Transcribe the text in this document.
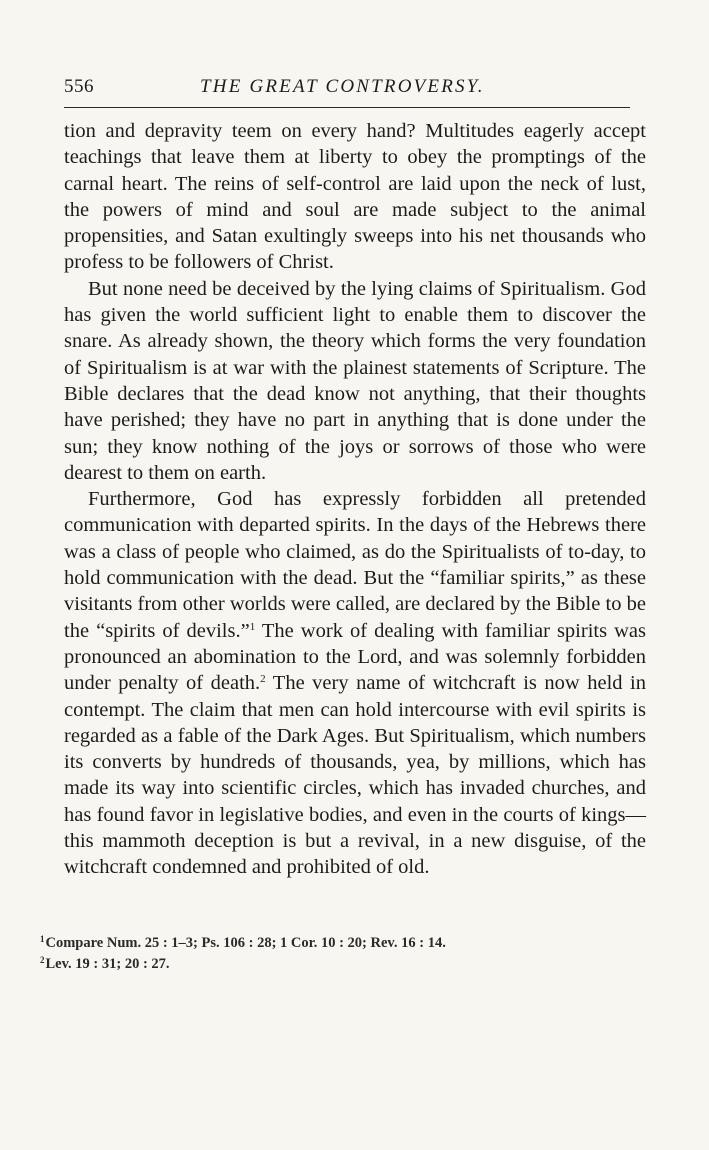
556	THE GREAT CONTROVERSY.

tion and depravity teem on every hand? Multitudes eagerly accept teachings that leave them at liberty to obey the promptings of the carnal heart. The reins of self-control are laid upon the neck of lust, the powers of mind and soul are made subject to the animal propensities, and Satan exultingly sweeps into his net thousands who profess to be followers of Christ.

But none need be deceived by the lying claims of Spiritualism. God has given the world sufficient light to enable them to discover the snare. As already shown, the theory which forms the very foundation of Spiritualism is at war with the plainest statements of Scripture. The Bible declares that the dead know not anything, that their thoughts have perished; they have no part in anything that is done under the sun; they know nothing of the joys or sorrows of those who were dearest to them on earth.

Furthermore, God has expressly forbidden all pretended communication with departed spirits. In the days of the Hebrews there was a class of people who claimed, as do the Spiritualists of to-day, to hold communication with the dead. But the “familiar spirits,” as these visitants from other worlds were called, are declared by the Bible to be the “spirits of devils.”$^1$ The work of dealing with familiar spirits was pronounced an abomination to the Lord, and was solemnly forbidden under penalty of death.$^2$ The very name of witchcraft is now held in contempt. The claim that men can hold intercourse with evil spirits is regarded as a fable of the Dark Ages. But Spiritualism, which numbers its converts by hundreds of thousands, yea, by millions, which has made its way into scientific circles, which has invaded churches, and has found favor in legislative bodies, and even in the courts of kings—this mammoth deception is but a revival, in a new disguise, of the witchcraft condemned and prohibited of old.

$^1$Compare Num. 25 : 1–3; Ps. 106 : 28; 1 Cor. 10 : 20; Rev. 16 : 14.
$^2$Lev. 19 : 31; 20 : 27.
